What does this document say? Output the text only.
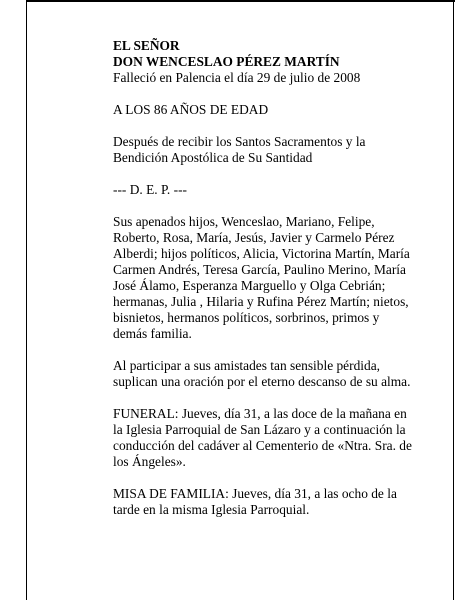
EL SEÑOR

DON WENCESLAO PÉREZ MARTÍN

Falleció en Palencia el día 29 de julio de 2008

A LOS 86 AÑOS DE EDAD

Después de recibir los Santos Sacramentos y la

Bendición Apostólica de Su Santidad

--- D. E. P. ---

Sus apenados hijos, Wenceslao, Mariano, Felipe,

Roberto, Rosa, María, Jesús, Javier y Carmelo Pérez

Alberdi; hijos políticos, Alicia, Victorina Martín, María

Carmen Andrés, Teresa García, Paulino Merino, María

José Álamo, Esperanza Marguello y Olga Cebrián;

hermanas, Julia , Hilaria y Rufina Pérez Martín; nietos,

bisnietos, hermanos políticos, sorbrinos, primos y

demás familia.

Al participar a sus amistades tan sensible pérdida,

suplican una oración por el eterno descanso de su alma.

FUNERAL: Jueves, día 31, a las doce de la mañana en

la Iglesia Parroquial de San Lázaro y a continuación la

conducción del cadáver al Cementerio de «Ntra. Sra. de

los Ángeles».

MISA DE FAMILIA: Jueves, día 31, a las ocho de la

tarde en la misma Iglesia Parroquial.
